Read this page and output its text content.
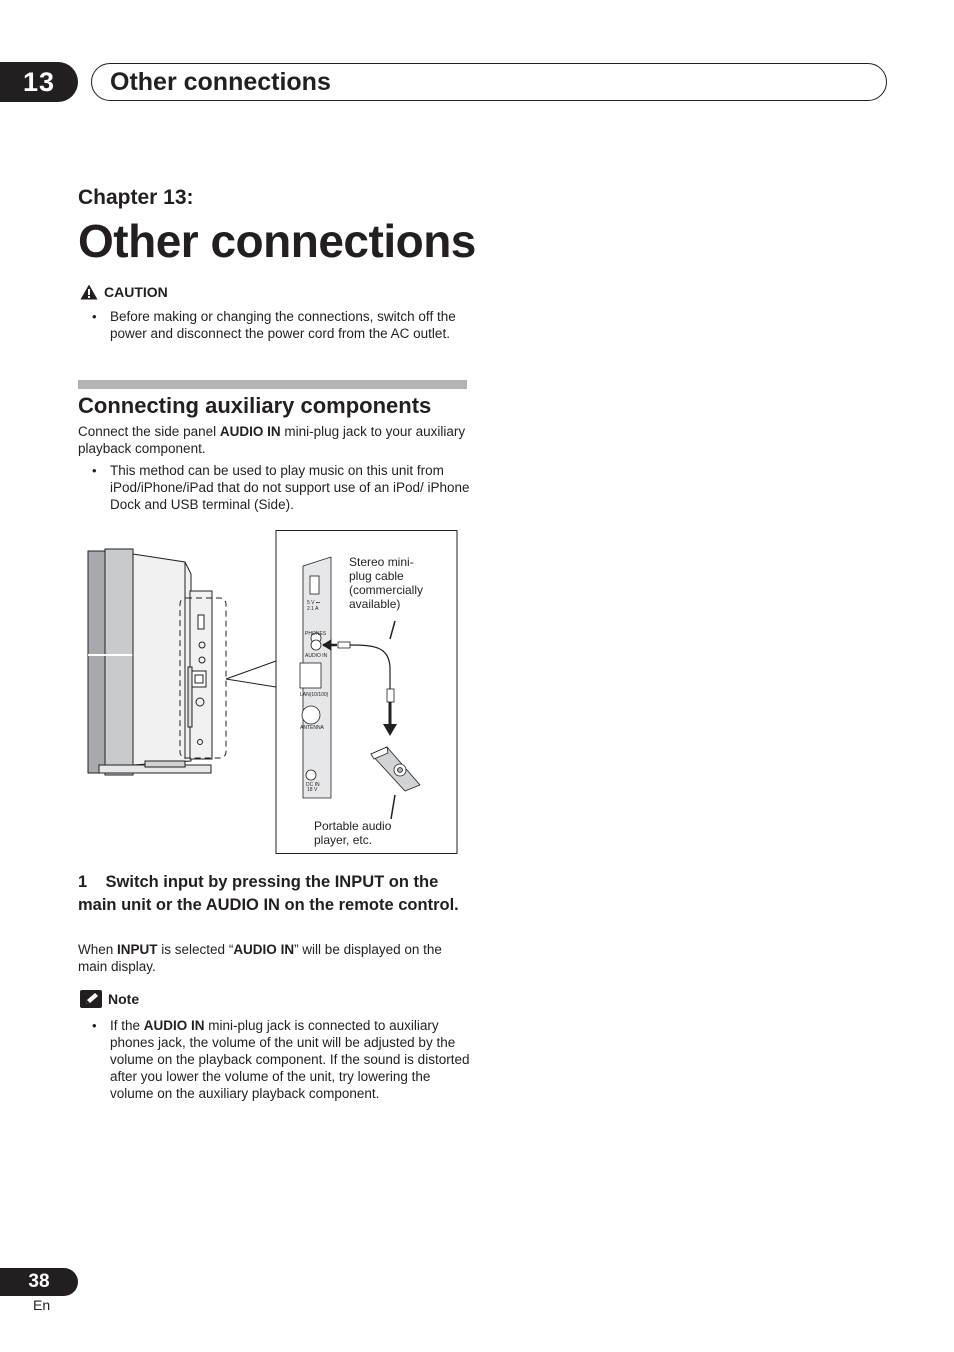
13	Other connections
Chapter 13:
Other connections
CAUTION
• Before making or changing the connections, switch off the power and disconnect the power cord from the AC outlet.
Connecting auxiliary components
Connect the side panel AUDIO IN mini-plug jack to your auxiliary playback component.
• This method can be used to play music on this unit from iPod/iPhone/iPad that do not support use of an iPod/ iPhone Dock and USB terminal (Side).
5 V ⎓
2.1 A
PHONES
AUDIO IN
LAN(10/100)
ANTENNA
DC IN
18 V
Stereo mini-
plug cable
(commercially
available)
Portable audio
player, etc.
1 Switch input by pressing the INPUT on the main unit or the AUDIO IN on the remote control.
When INPUT is selected “AUDIO IN” will be displayed on the main display.
Note
• If the AUDIO IN mini-plug jack is connected to auxiliary phones jack, the volume of the unit will be adjusted by the volume on the playback component. If the sound is distorted after you lower the volume of the unit, try lowering the volume on the auxiliary playback component.
38
En
